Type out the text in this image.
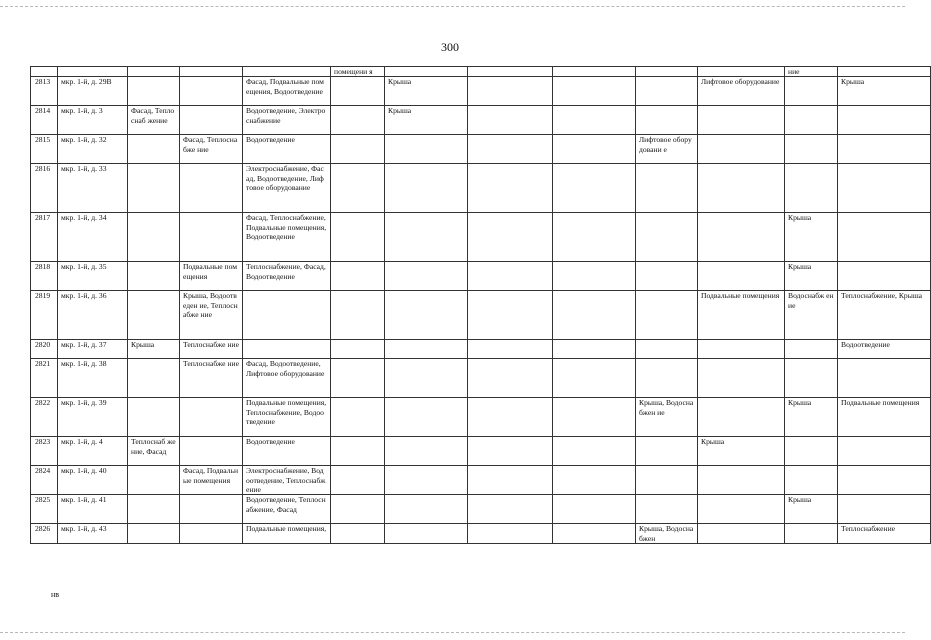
300
					помещени я						ние	
2813	мкр. 1-й, д. 29В			Фасад, Подвальные помещения, Водоотведение		Крыша				Лифтовое оборудование		Крыша
2814	мкр. 1-й, д. 3	Фасад, Теплоснаб жение		Водоотведение, Электроснабжение		Крыша						
2815	мкр. 1-й, д. 32		Фасад, Теплоснабже ние	Водоотведение					Лифтовое оборудовани е			
2816	мкр. 1-й, д. 33			Электроснабжение, Фасад, Водоотведение, Лифтовое оборудование								
2817	мкр. 1-й, д. 34			Фасад, Теплоснабжение, Подвальные помещения, Водоотведение							Крыша	
2818	мкр. 1-й, д. 35		Подвальные помещения	Теплоснабжение, Фасад, Водоотведение							Крыша	
2819	мкр. 1-й, д. 36		Крыша, Водоотведен ие, Теплоснабже ние							Подвальные помещения	Водоснабж ение	Теплоснабжение, Крыша
2820	мкр. 1-й, д. 37	Крыша	Теплоснабже ние									Водоотведение
2821	мкр. 1-й, д. 38		Теплоснабже ние	Фасад, Водоотведение, Лифтовое оборудование								
2822	мкр. 1-й, д. 39			Подвальные помещения, Теплоснабжение, Водоотведение					Крыша, Водоснабжен ие		Крыша	Подвальные помещения
2823	мкр. 1-й, д. 4	Теплоснаб жение, Фасад		Водоотведение						Крыша		
2824	мкр. 1-й, д. 40		Фасад, Подвальные помещения	Электроснабжение, Водоотведение, Теплоснабжение								
2825	мкр. 1-й, д. 41			Водоотведение, Теплоснабжение, Фасад							Крыша	
2826	мкр. 1-й, д. 43			Подвальные помещения,					Крыша, Водоснабжен			Теплоснабжение
нв
